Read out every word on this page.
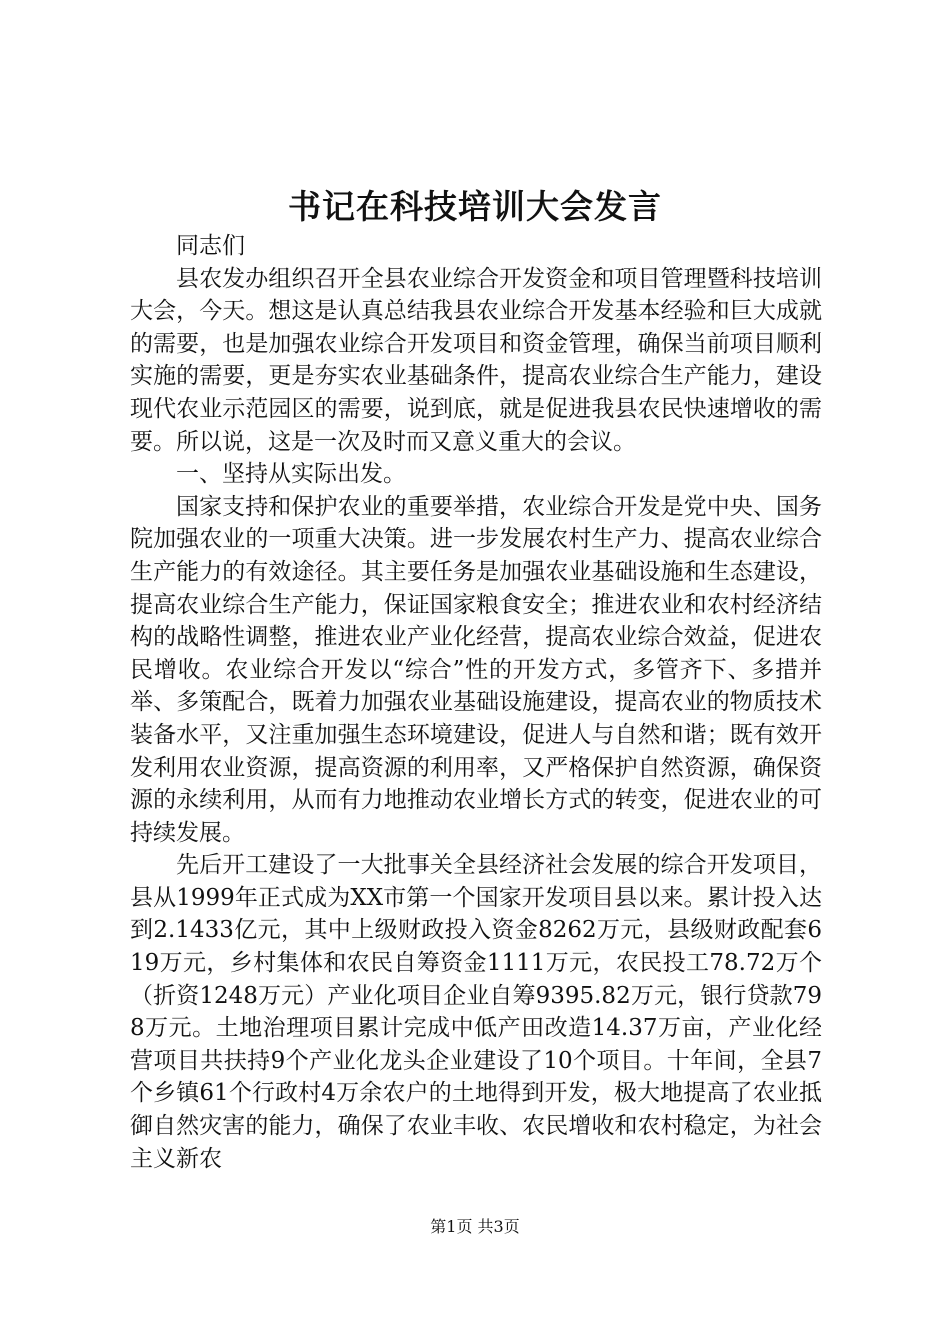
书记在科技培训大会发言

同志们

县农发办组织召开全县农业综合开发资金和项目管理暨科技培训大会，今天。想这是认真总结我县农业综合开发基本经验和巨大成就的需要，也是加强农业综合开发项目和资金管理，确保当前项目顺利实施的需要，更是夯实农业基础条件，提高农业综合生产能力，建设现代农业示范园区的需要，说到底，就是促进我县农民快速增收的需要。所以说，这是一次及时而又意义重大的会议。

一、坚持从实际出发。

国家支持和保护农业的重要举措，农业综合开发是党中央、国务院加强农业的一项重大决策。进一步发展农村生产力、提高农业综合生产能力的有效途径。其主要任务是加强农业基础设施和生态建设，提高农业综合生产能力，保证国家粮食安全；推进农业和农村经济结构的战略性调整，推进农业产业化经营，提高农业综合效益，促进农民增收。农业综合开发以“综合”性的开发方式，多管齐下、多措并举、多策配合，既着力加强农业基础设施建设，提高农业的物质技术装备水平，又注重加强生态环境建设，促进人与自然和谐；既有效开发利用农业资源，提高资源的利用率，又严格保护自然资源，确保资源的永续利用，从而有力地推动农业增长方式的转变，促进农业的可持续发展。

先后开工建设了一大批事关全县经济社会发展的综合开发项目，县从1999年正式成为XX市第一个国家开发项目县以来。累计投入达到2.1433亿元，其中上级财政投入资金8262万元，县级财政配套619万元，乡村集体和农民自筹资金1111万元，农民投工78.72万个（折资1248万元）产业化项目企业自筹9395.82万元，银行贷款798万元。土地治理项目累计完成中低产田改造14.37万亩，产业化经营项目共扶持9个产业化龙头企业建设了10个项目。十年间，全县7个乡镇61个行政村4万余农户的土地得到开发，极大地提高了农业抵御自然灾害的能力，确保了农业丰收、农民增收和农村稳定，为社会主义新农

第1页 共3页
